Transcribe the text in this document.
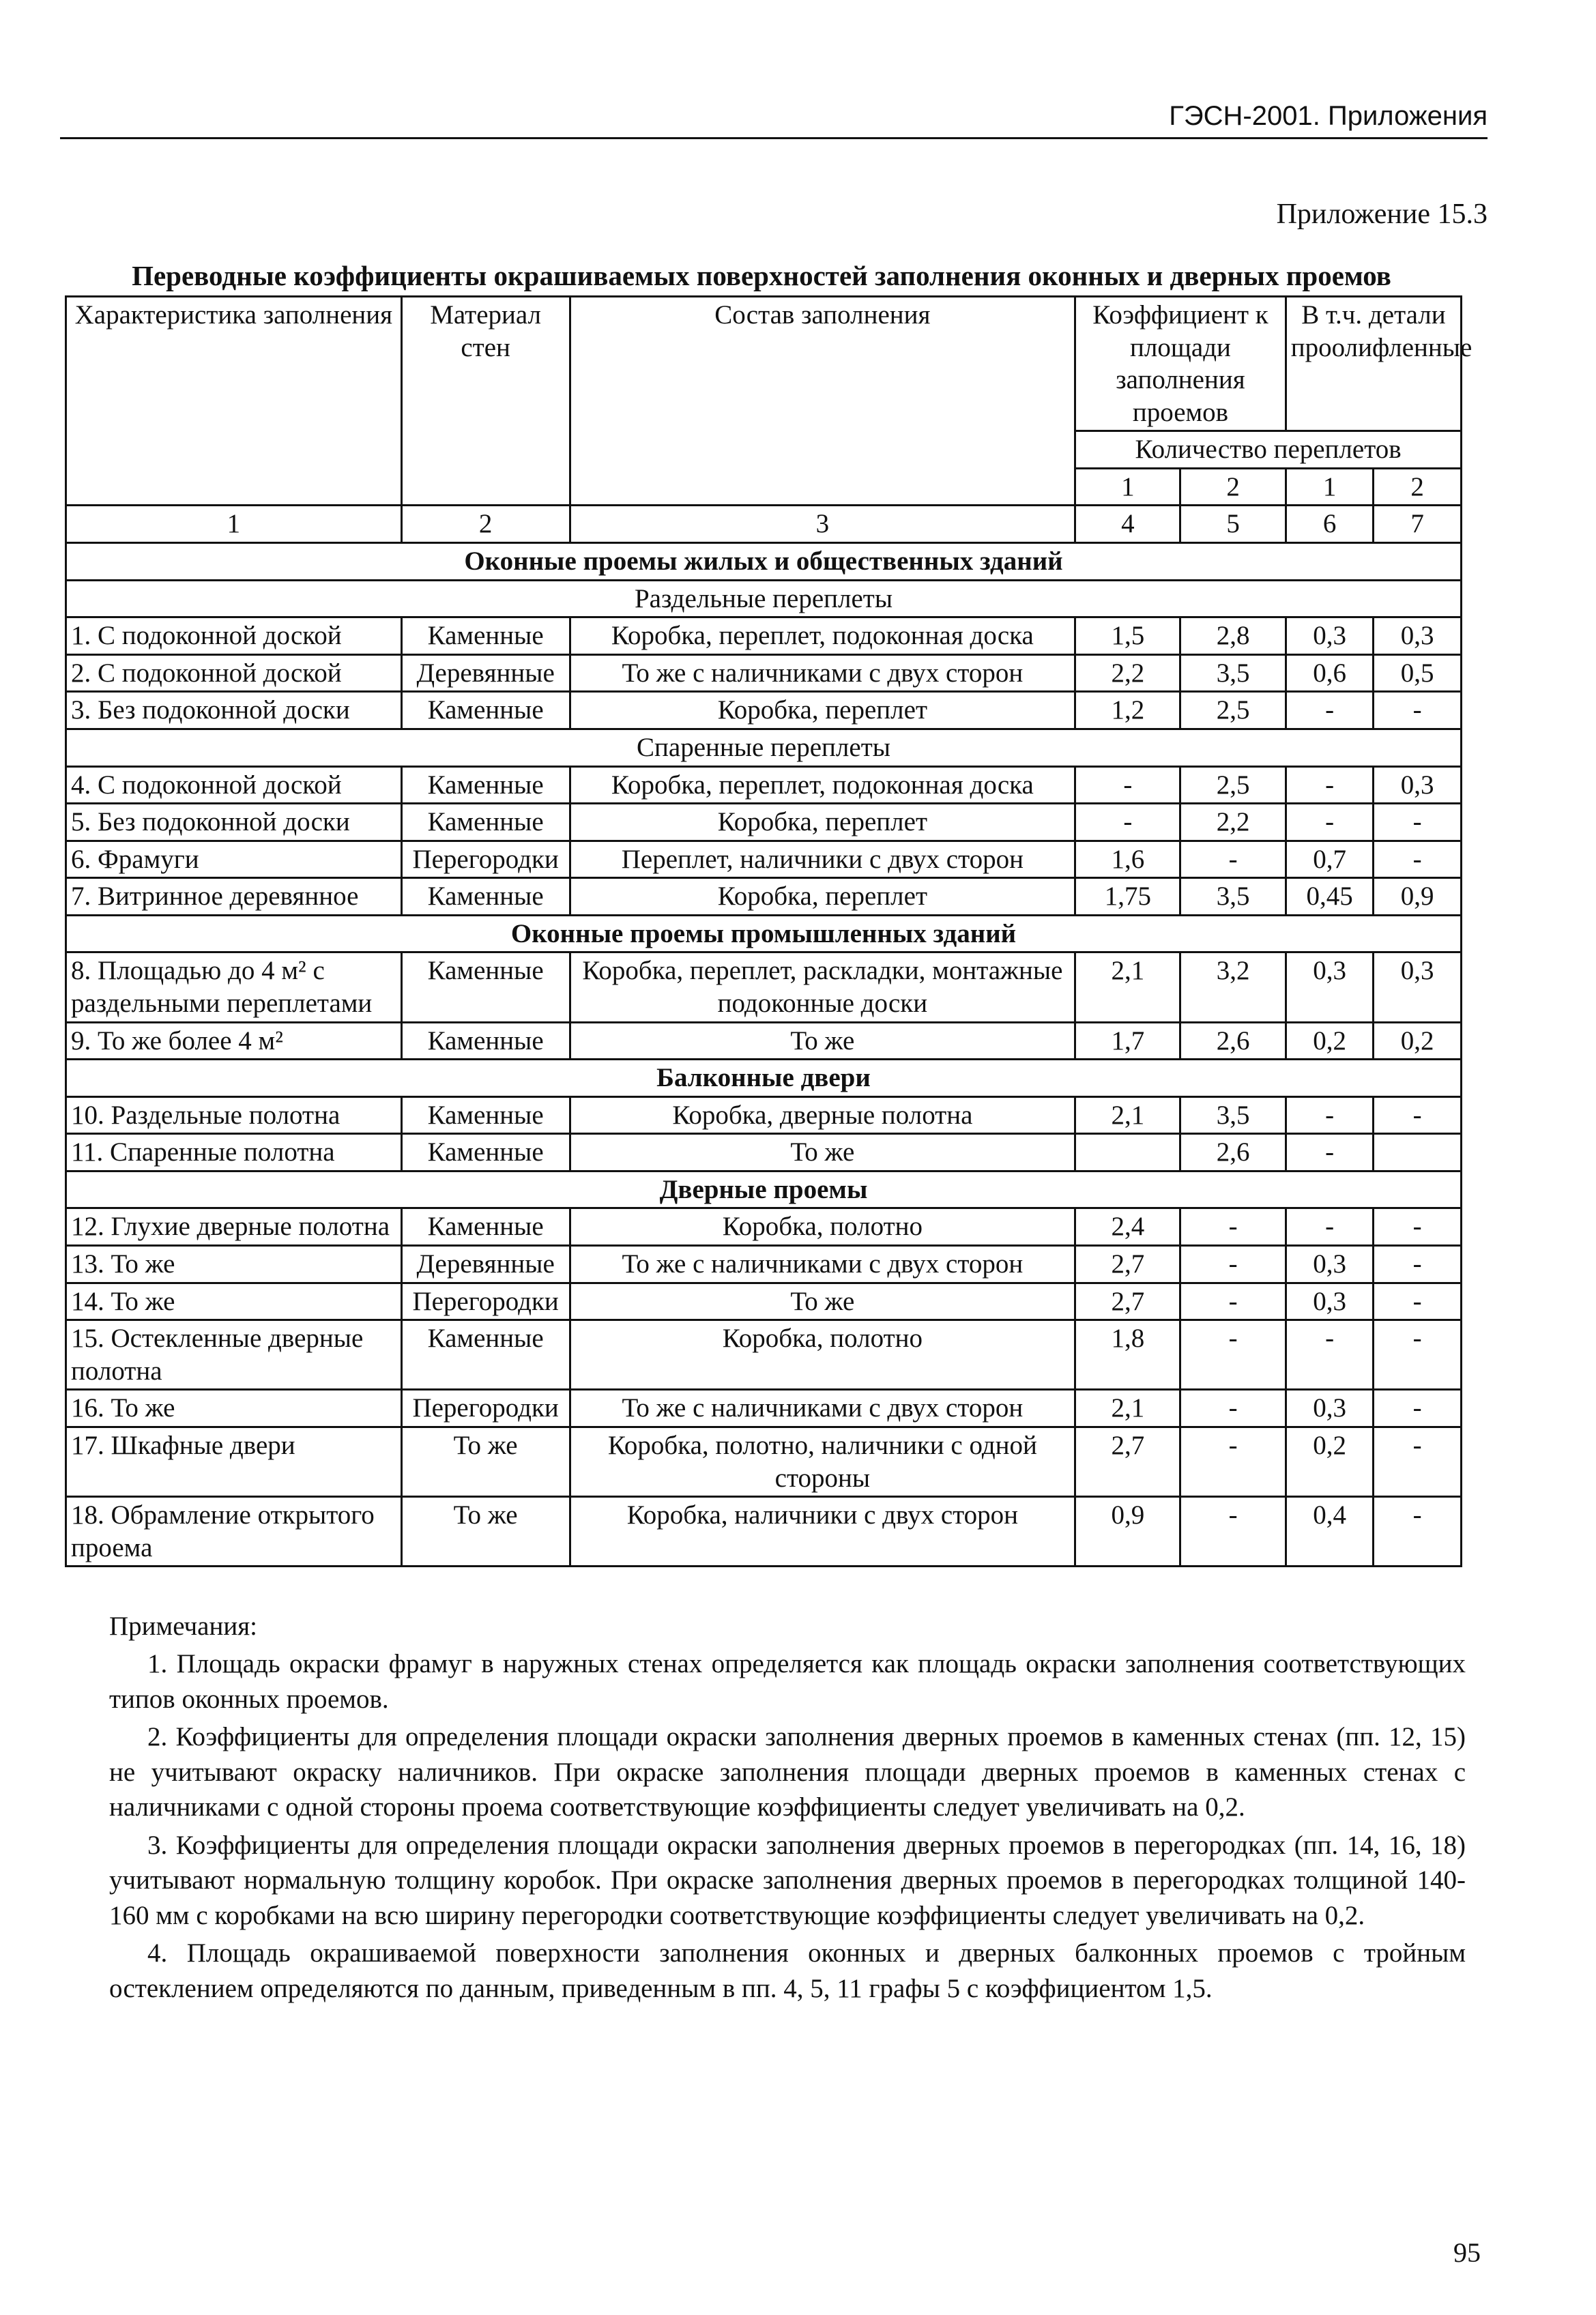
ГЭСН-2001. Приложения
Приложение 15.3
Переводные коэффициенты окрашиваемых поверхностей заполнения оконных и дверных проемов
Характеристика заполнения	Материал стен	Состав заполнения	Коэффициент к площади заполнения проемов		В т.ч. детали проолифленные	
			Количество переплетов			
			1	2	1	2
1	2	3	4	5	6	7
Оконные проемы жилых и общественных зданий						
Раздельные переплеты						
1. С подоконной доской	Каменные	Коробка, переплет, подоконная доска	1,5	2,8	0,3	0,3
2. С подоконной доской	Деревянные	То же с наличниками с двух сторон	2,2	3,5	0,6	0,5
3. Без подоконной доски	Каменные	Коробка, переплет	1,2	2,5	-	-
Спаренные переплеты						
4. С подоконной доской	Каменные	Коробка, переплет, подоконная доска	-	2,5	-	0,3
5. Без подоконной доски	Каменные	Коробка, переплет	-	2,2	-	-
6. Фрамуги	Перегородки	Переплет, наличники с двух сторон	1,6	-	0,7	-
7. Витринное деревянное	Каменные	Коробка, переплет	1,75	3,5	0,45	0,9
Оконные проемы промышленных зданий						
8. Площадью до 4 м² с раздельными переплетами	Каменные	Коробка, переплет, раскладки, монтажные подоконные доски	2,1	3,2	0,3	0,3
9. То же более 4 м²	Каменные	То же	1,7	2,6	0,2	0,2
Балконные двери						
10. Раздельные полотна	Каменные	Коробка, дверные полотна	2,1	3,5	-	-
11. Спаренные полотна	Каменные	То же		2,6	-	
Дверные проемы						
12. Глухие дверные полотна	Каменные	Коробка, полотно	2,4	-	-	-
13. То же	Деревянные	То же с наличниками с двух сторон	2,7	-	0,3	-
14. То же	Перегородки	То же	2,7	-	0,3	-
15. Остекленные дверные полотна	Каменные	Коробка, полотно	1,8	-	-	-
16. То же	Перегородки	То же с наличниками с двух сторон	2,1	-	0,3	-
17. Шкафные двери	То же	Коробка, полотно, наличники с одной стороны	2,7	-	0,2	-
18. Обрамление открытого проема	То же	Коробка, наличники с двух сторон	0,9	-	0,4	-

Примечания:

1. Площадь окраски фрамуг в наружных стенах определяется как площадь окраски заполнения соответствующих типов оконных проемов.

2. Коэффициенты для определения площади окраски заполнения дверных проемов в каменных стенах (пп. 12, 15) не учитывают окраску наличников. При окраске заполнения площади дверных проемов в каменных стенах с наличниками с одной стороны проема соответствующие коэффициенты следует увеличивать на 0,2.

3. Коэффициенты для определения площади окраски заполнения дверных проемов в перегородках (пп. 14, 16, 18) учитывают нормальную толщину коробок. При окраске заполнения дверных проемов в перегородках толщиной 140-160 мм с коробками на всю ширину перегородки соответствующие коэффициенты следует увеличивать на 0,2.

4. Площадь окрашиваемой поверхности заполнения оконных и дверных балконных проемов с тройным остеклением определяются по данным, приведенным в пп. 4, 5, 11 графы 5 с коэффициентом 1,5.

95
